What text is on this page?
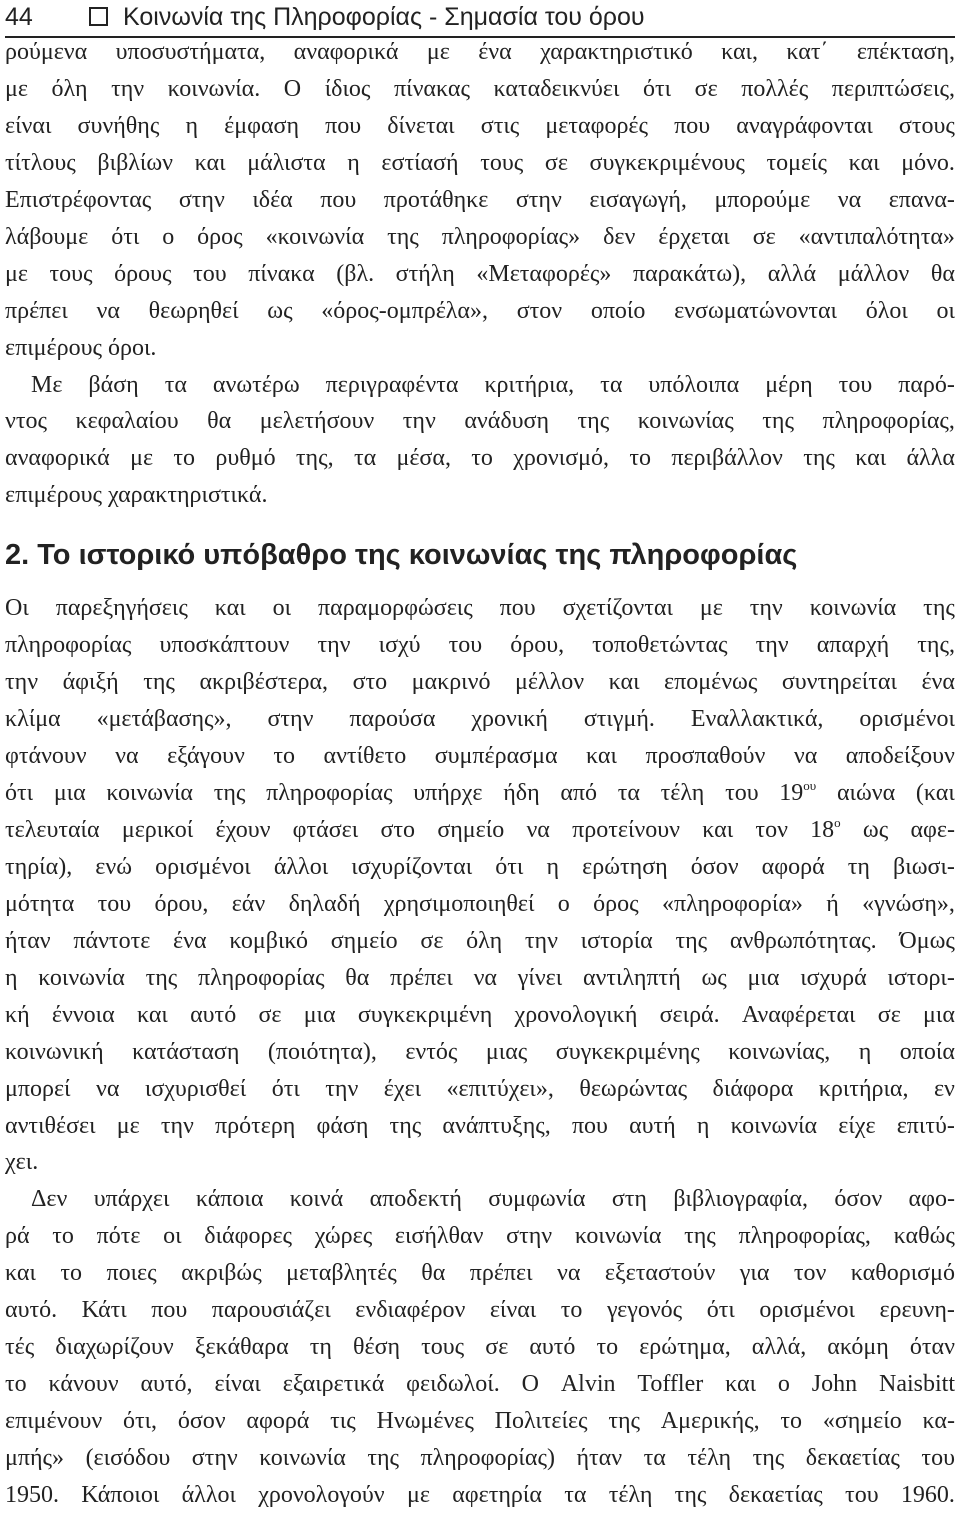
44	Κοινωνία της Πληροφορίας - Σημασία του όρου
ρούμενα υποσυστήματα, αναφορικά με ένα χαρακτηριστικό και, κατ΄ επέκταση,
με όλη την κοινωνία. Ο ίδιος πίνακας καταδεικνύει ότι σε πολλές περιπτώσεις,
είναι συνήθης η έμφαση που δίνεται στις μεταφορές που αναγράφονται στους
τίτλους βιβλίων και μάλιστα η εστίασή τους σε συγκεκριμένους τομείς και μόνο.
Επιστρέφοντας στην ιδέα που προτάθηκε στην εισαγωγή, μπορούμε να επανα-
λάβουμε ότι ο όρος «κοινωνία της πληροφορίας» δεν έρχεται σε «αντιπαλότητα»
με τους όρους του πίνακα (βλ. στήλη «Μεταφορές» παρακάτω), αλλά μάλλον θα
πρέπει να θεωρηθεί ως «όρος-ομπρέλα», στον οποίο ενσωματώνονται όλοι οι
επιμέρους όροι.
Με βάση τα ανωτέρω περιγραφέντα κριτήρια, τα υπόλοιπα μέρη του παρό-
ντος κεφαλαίου θα μελετήσουν την ανάδυση της κοινωνίας της πληροφορίας,
αναφορικά με το ρυθμό της, τα μέσα, το χρονισμό, το περιβάλλον της και άλλα
επιμέρους χαρακτηριστικά.
Οι παρεξηγήσεις και οι παραμορφώσεις που σχετίζονται με την κοινωνία της
πληροφορίας υποσκάπτουν την ισχύ του όρου, τοποθετώντας την απαρχή της,
την άφιξή της ακριβέστερα, στο μακρινό μέλλον και επομένως συντηρείται ένα
κλίμα «μετάβασης», στην παρούσα χρονική στιγμή. Εναλλακτικά, ορισμένοι
φτάνουν να εξάγουν το αντίθετο συμπέρασμα και προσπαθούν να αποδείξουν
ότι μια κοινωνία της πληροφορίας υπήρχε ήδη από τα τέλη του $19^{o\upsilon}$ αιώνα (και
τελευταία μερικοί έχουν φτάσει στο σημείο να προτείνουν και τον $18^o$ ως αφε-
τηρία), ενώ ορισμένοι άλλοι ισχυρίζονται ότι η ερώτηση όσον αφορά τη βιωσι-
μότητα του όρου, εάν δηλαδή χρησιμοποιηθεί ο όρος «πληροφορία» ή «γνώση»,
ήταν πάντοτε ένα κομβικό σημείο σε όλη την ιστορία της ανθρωπότητας. Όμως
η κοινωνία της πληροφορίας θα πρέπει να γίνει αντιληπτή ως μια ισχυρά ιστορι-
κή έννοια και αυτό σε μια συγκεκριμένη χρονολογική σειρά. Αναφέρεται σε μια
κοινωνική κατάσταση (ποιότητα), εντός μιας συγκεκριμένης κοινωνίας, η οποία
μπορεί να ισχυρισθεί ότι την έχει «επιτύχει», θεωρώντας διάφορα κριτήρια, εν
αντιθέσει με την πρότερη φάση της ανάπτυξης, που αυτή η κοινωνία είχε επιτύ-
χει.
Δεν υπάρχει κάποια κοινά αποδεκτή συμφωνία στη βιβλιογραφία, όσον αφο-
ρά το πότε οι διάφορες χώρες εισήλθαν στην κοινωνία της πληροφορίας, καθώς
και το ποιες ακριβώς μεταβλητές θα πρέπει να εξεταστούν για τον καθορισμό
αυτό. Κάτι που παρουσιάζει ενδιαφέρον είναι το γεγονός ότι ορισμένοι ερευνη-
τές διαχωρίζουν ξεκάθαρα τη θέση τους σε αυτό το ερώτημα, αλλά, ακόμη όταν
το κάνουν αυτό, είναι εξαιρετικά φειδωλοί. Ο Alvin Toffler και ο John Naisbitt
επιμένουν ότι, όσον αφορά τις Ηνωμένες Πολιτείες της Αμερικής, το «σημείο κα-
μπής» (εισόδου στην κοινωνία της πληροφορίας) ήταν τα τέλη της δεκαετίας του
1950. Κάποιοι άλλοι χρονολογούν με αφετηρία τα τέλη της δεκαετίας του 1960.
2. Το ιστορικό υπόβαθρο της κοινωνίας της πληροφορίας
